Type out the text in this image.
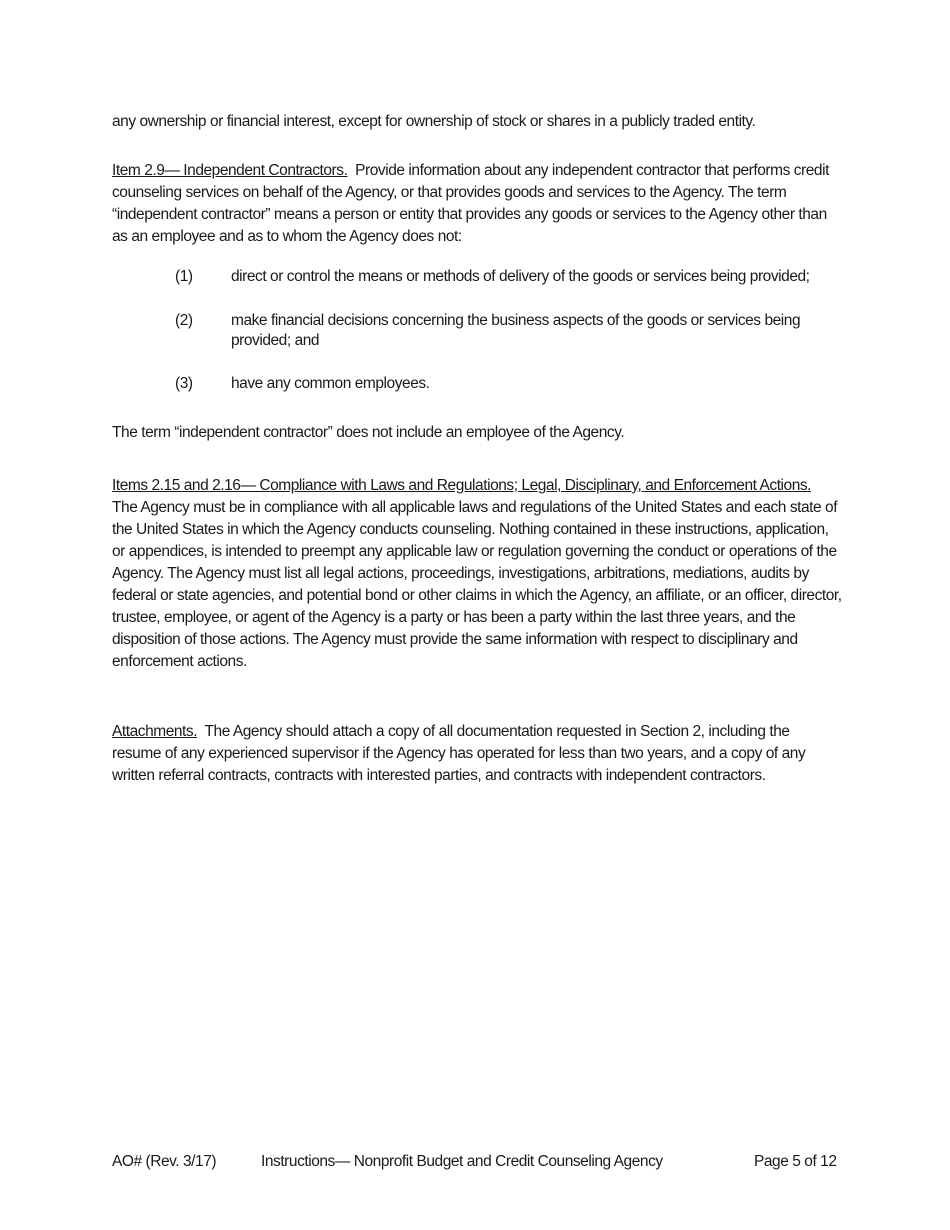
any ownership or financial interest, except for ownership of stock or shares in a publicly traded entity.
Item 2.9— Independent Contractors. Provide information about any independent contractor that performs credit counseling services on behalf of the Agency, or that provides goods and services to the Agency. The term “independent contractor” means a person or entity that provides any goods or services to the Agency other than as an employee and as to whom the Agency does not:
(1)	direct or control the means or methods of delivery of the goods or services being provided;
(2)	make financial decisions concerning the business aspects of the goods or services being provided; and
(3)	have any common employees.
The term “independent contractor” does not include an employee of the Agency.
Items 2.15 and 2.16— Compliance with Laws and Regulations; Legal, Disciplinary, and Enforcement Actions.  The Agency must be in compliance with all applicable laws and regulations of the United States and each state of the United States in which the Agency conducts counseling. Nothing contained in these instructions, application, or appendices, is intended to preempt any applicable law or regulation governing the conduct or operations of the Agency. The Agency must list all legal actions, proceedings, investigations, arbitrations, mediations, audits by federal or state agencies, and potential bond or other claims in which the Agency, an affiliate, or an officer, director, trustee, employee, or agent of the Agency is a party or has been a party within the last three years, and the disposition of those actions. The Agency must provide the same information with respect to disciplinary and enforcement actions.
Attachments. The Agency should attach a copy of all documentation requested in Section 2, including the resume of any experienced supervisor if the Agency has operated for less than two years, and a copy of any written referral contracts, contracts with interested parties, and contracts with independent contractors.
AO# (Rev. 3/17)	Instructions— Nonprofit Budget and Credit Counseling Agency	Page 5 of 12
